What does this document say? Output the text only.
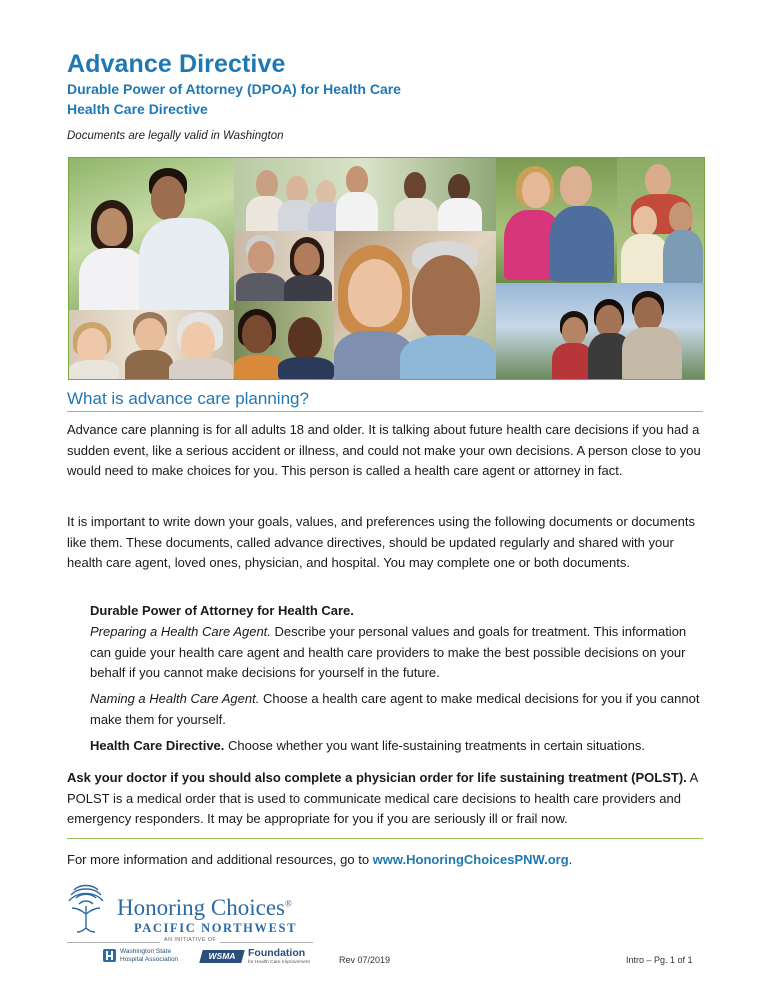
Advance Directive
Durable Power of Attorney (DPOA) for Health Care
Health Care Directive
Documents are legally valid in Washington
What is advance care planning?
Advance care planning is for all adults 18 and older. It is talking about future health care decisions if you had a sudden event, like a serious accident or illness, and could not make your own decisions. A person close to you would need to make choices for you. This person is called a health care agent or attorney in fact.
It is important to write down your goals, values, and preferences using the following documents or documents like them. These documents, called advance directives, should be updated regularly and shared with your health care agent, loved ones, physician, and hospital. You may complete one or both documents.
Durable Power of Attorney for Health Care.
Preparing a Health Care Agent. Describe your personal values and goals for treatment. This information can guide your health care agent and health care providers to make the best possible decisions on your behalf if you cannot make decisions for yourself in the future.
Naming a Health Care Agent. Choose a health care agent to make medical decisions for you if you cannot make them for yourself.
Health Care Directive. Choose whether you want life-sustaining treatments in certain situations.
Ask your doctor if you should also complete a physician order for life sustaining treatment (POLST). A POLST is a medical order that is used to communicate medical care decisions to health care providers and emergency responders. It may be appropriate for you if you are seriously ill or frail now.
For more information and additional resources, go to www.HonoringChoicesPNW.org.
Honoring Choices®
PACIFIC NORTHWEST
AN INITIATIVE OF
Washington State
Hospital Association	WSMA	Foundation
for Health Care Improvement	Rev 07/2019	Intro – Pg. 1 of 1
